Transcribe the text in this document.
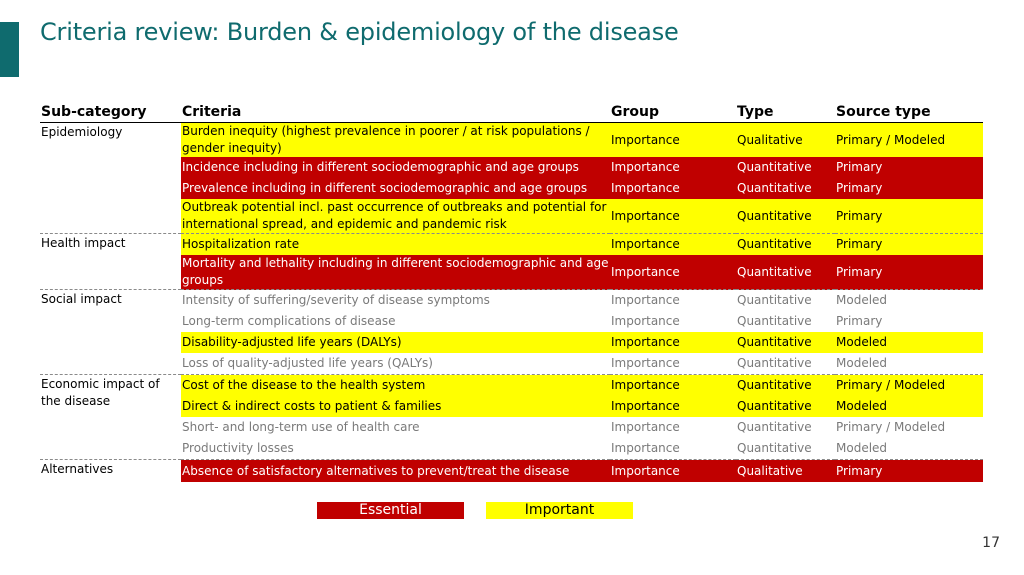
Criteria review: Burden & epidemiology of the disease
Sub-category	Criteria	Group	Type	Source type
Epidemiology	Burden inequity (highest prevalence in poorer / at risk populations / gender inequity)	Importance	Qualitative	Primary / Modeled
	Incidence including in different sociodemographic and age groups	Importance	Quantitative	Primary
	Prevalence including in different sociodemographic and age groups	Importance	Quantitative	Primary
	Outbreak potential incl. past occurrence of outbreaks and potential for international spread, and epidemic and pandemic risk	Importance	Quantitative	Primary
Health impact	Hospitalization rate	Importance	Quantitative	Primary
	Mortality and lethality including in different sociodemographic and age groups	Importance	Quantitative	Primary
Social impact	Intensity of suffering/severity of disease symptoms	Importance	Quantitative	Modeled
	Long-term complications of disease	Importance	Quantitative	Primary
	Disability-adjusted life years (DALYs)	Importance	Quantitative	Modeled
	Loss of quality-adjusted life years (QALYs)	Importance	Quantitative	Modeled
Economic impact of the disease	Cost of the disease to the health system	Importance	Quantitative	Primary / Modeled
	Direct & indirect costs to patient & families	Importance	Quantitative	Modeled
	Short- and long-term use of health care	Importance	Quantitative	Primary / Modeled
	Productivity losses	Importance	Quantitative	Modeled
Alternatives	Absence of satisfactory alternatives to prevent/treat the disease	Importance	Qualitative	Primary
Essential	Important
17
